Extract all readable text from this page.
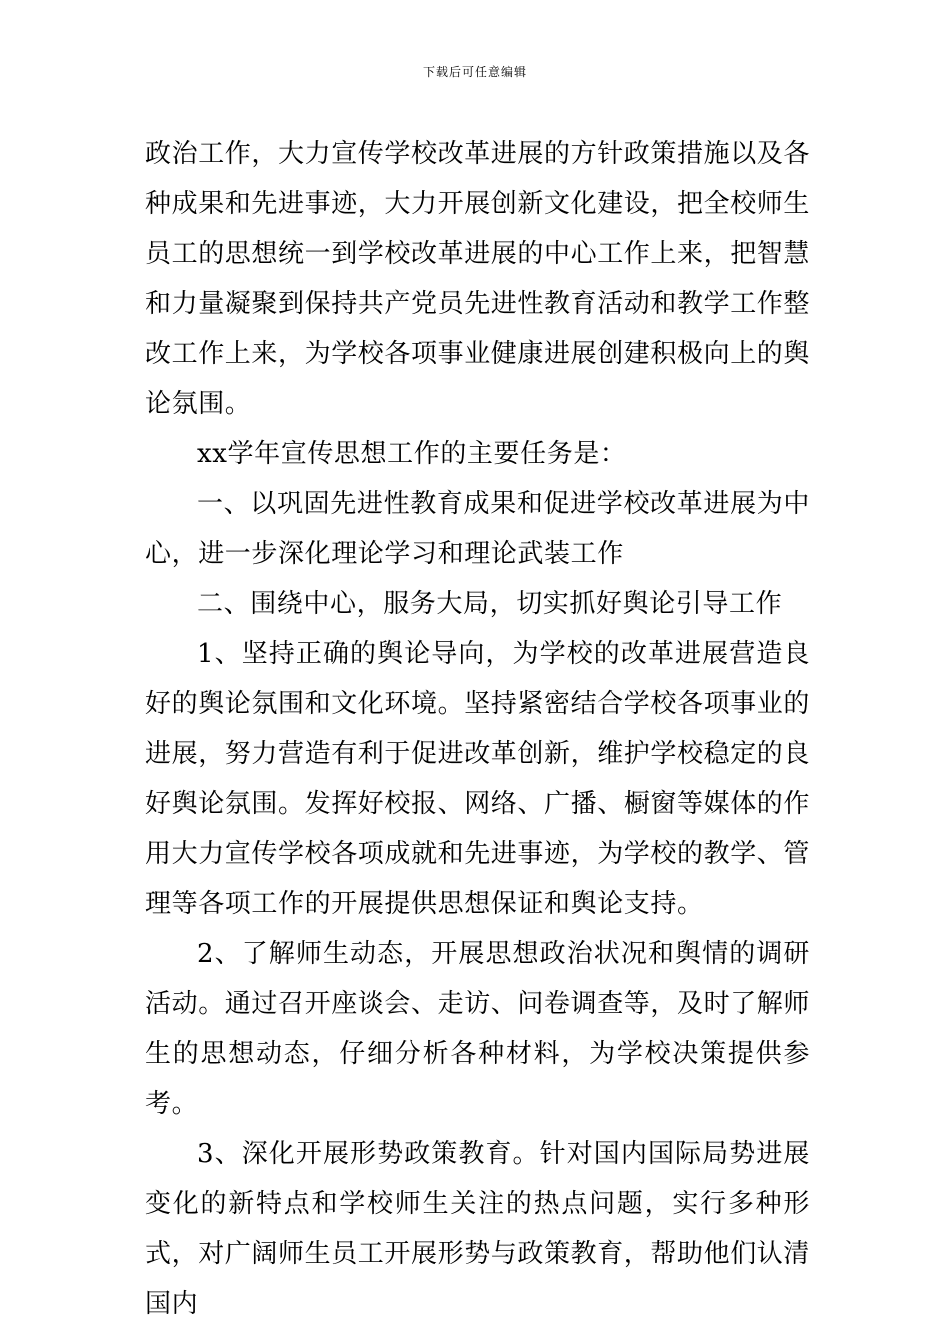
下载后可任意编辑

政治工作，大力宣传学校改革进展的方针政策措施以及各种成果和先进事迹，大力开展创新文化建设，把全校师生员工的思想统一到学校改革进展的中心工作上来，把智慧和力量凝聚到保持共产党员先进性教育活动和教学工作整改工作上来，为学校各项事业健康进展创建积极向上的舆论氛围。

xx学年宣传思想工作的主要任务是：

一、以巩固先进性教育成果和促进学校改革进展为中心，进一步深化理论学习和理论武装工作

二、围绕中心，服务大局，切实抓好舆论引导工作

1、坚持正确的舆论导向，为学校的改革进展营造良好的舆论氛围和文化环境。坚持紧密结合学校各项事业的进展，努力营造有利于促进改革创新，维护学校稳定的良好舆论氛围。发挥好校报、网络、广播、橱窗等媒体的作用大力宣传学校各项成就和先进事迹，为学校的教学、管理等各项工作的开展提供思想保证和舆论支持。

2、了解师生动态，开展思想政治状况和舆情的调研活动。通过召开座谈会、走访、问卷调查等，及时了解师生的思想动态，仔细分析各种材料，为学校决策提供参考。

3、深化开展形势政策教育。针对国内国际局势进展变化的新特点和学校师生关注的热点问题，实行多种形式，对广阔师生员工开展形势与政策教育，帮助他们认清国内
